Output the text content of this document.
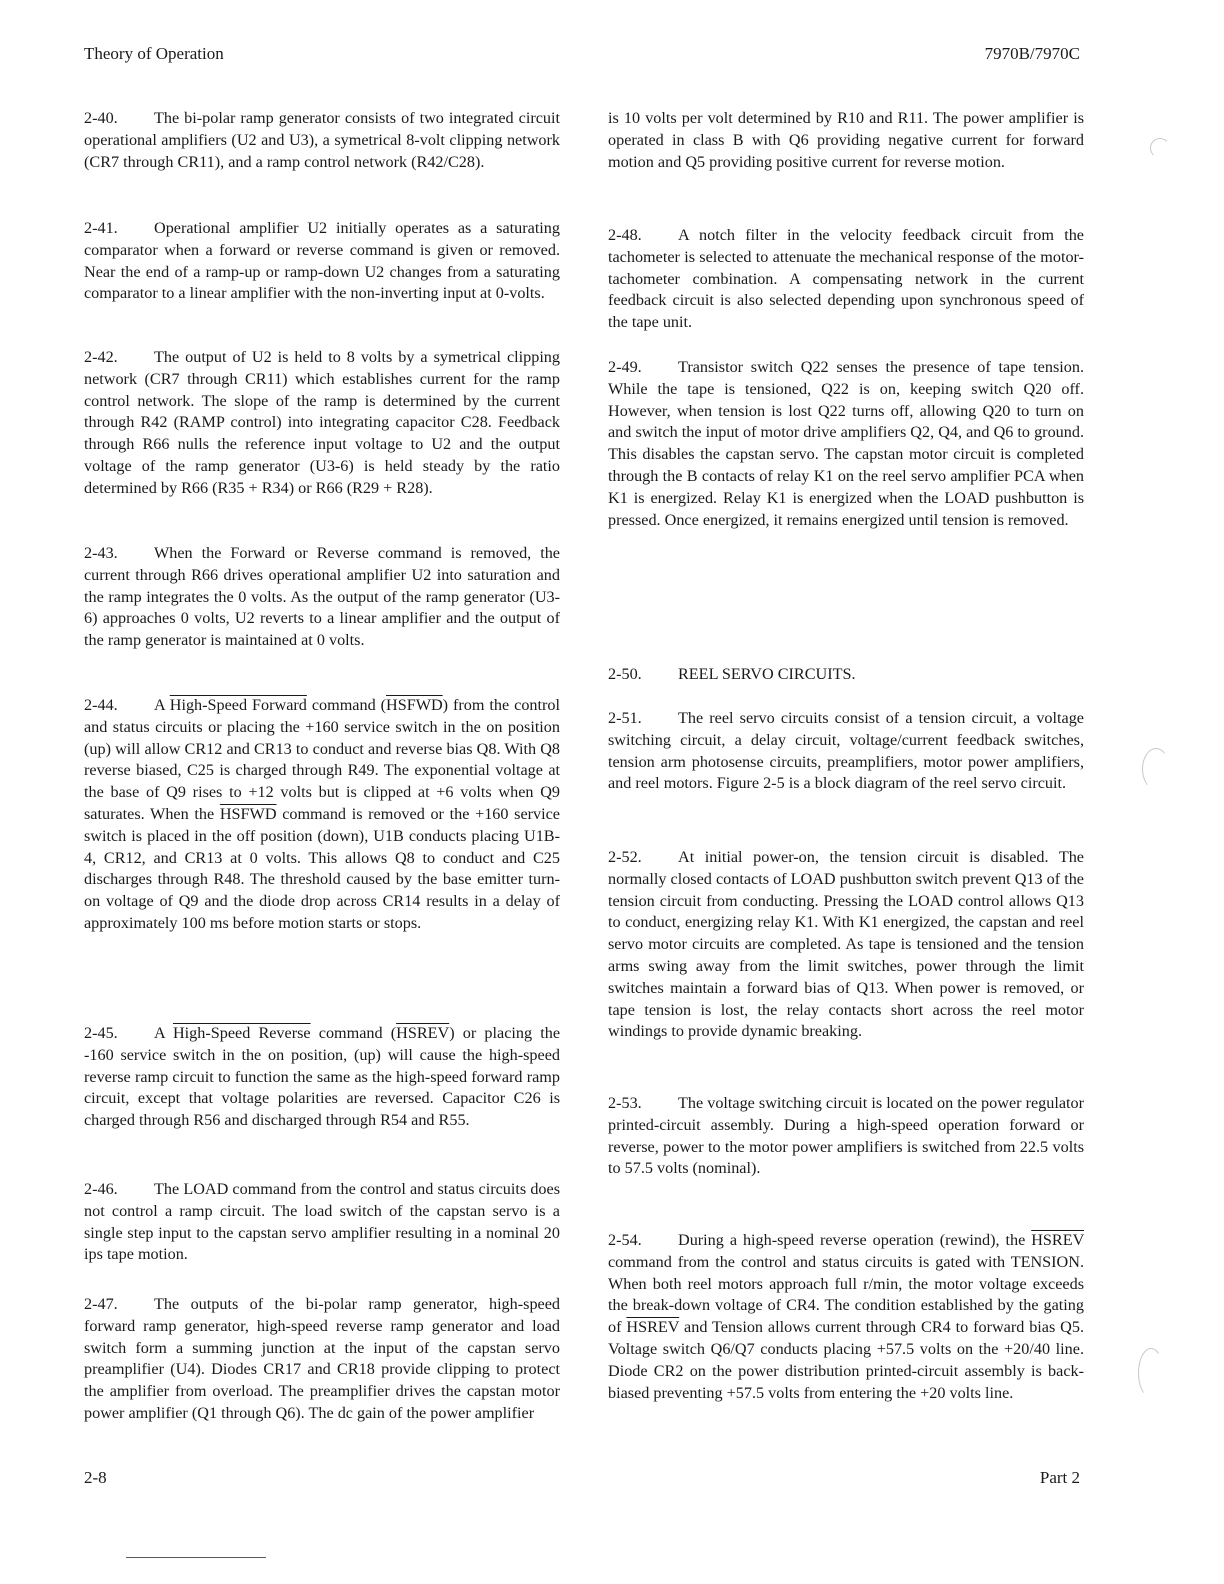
Theory of Operation	7970B/7970C

2-40. The bi-polar ramp generator consists of two integrated circuit operational amplifiers (U2 and U3), a symetrical 8-volt clipping network (CR7 through CR11), and a ramp control network (R42/C28).

2-41. Operational amplifier U2 initially operates as a saturating comparator when a forward or reverse command is given or removed. Near the end of a ramp-up or ramp-down U2 changes from a saturating comparator to a linear amplifier with the non-inverting input at 0-volts.

2-42. The output of U2 is held to 8 volts by a symetrical clipping network (CR7 through CR11) which establishes current for the ramp control network. The slope of the ramp is determined by the current through R42 (RAMP control) into integrating capacitor C28. Feedback through R66 nulls the reference input voltage to U2 and the output voltage of the ramp generator (U3-6) is held steady by the ratio determined by R66 (R35 + R34) or R66 (R29 + R28).

2-43. When the Forward or Reverse command is removed, the current through R66 drives operational amplifier U2 into saturation and the ramp integrates the 0 volts. As the output of the ramp generator (U3-6) approaches 0 volts, U2 reverts to a linear amplifier and the output of the ramp generator is maintained at 0 volts.

2-44. A High-Speed Forward command (HSFWD) from the control and status circuits or placing the +160 service switch in the on position (up) will allow CR12 and CR13 to conduct and reverse bias Q8. With Q8 reverse biased, C25 is charged through R49. The exponential voltage at the base of Q9 rises to +12 volts but is clipped at +6 volts when Q9 saturates. When the HSFWD command is removed or the +160 service switch is placed in the off position (down), U1B conducts placing U1B-4, CR12, and CR13 at 0 volts. This allows Q8 to conduct and C25 discharges through R48. The threshold caused by the base emitter turn-on voltage of Q9 and the diode drop across CR14 results in a delay of approximately 100 ms before motion starts or stops.

2-45. A High-Speed Reverse command (HSREV) or placing the -160 service switch in the on position, (up) will cause the high-speed reverse ramp circuit to function the same as the high-speed forward ramp circuit, except that voltage polarities are reversed. Capacitor C26 is charged through R56 and discharged through R54 and R55.

2-46. The LOAD command from the control and status circuits does not control a ramp circuit. The load switch of the capstan servo is a single step input to the capstan servo amplifier resulting in a nominal 20 ips tape motion.

2-47. The outputs of the bi-polar ramp generator, high-speed forward ramp generator, high-speed reverse ramp generator and load switch form a summing junction at the input of the capstan servo preamplifier (U4). Diodes CR17 and CR18 provide clipping to protect the amplifier from overload. The preamplifier drives the capstan motor power amplifier (Q1 through Q6). The dc gain of the power amplifier

is 10 volts per volt determined by R10 and R11. The power amplifier is operated in class B with Q6 providing negative current for forward motion and Q5 providing positive current for reverse motion.

2-48. A notch filter in the velocity feedback circuit from the tachometer is selected to attenuate the mechanical response of the motor-tachometer combination. A compensating network in the current feedback circuit is also selected depending upon synchronous speed of the tape unit.

2-49. Transistor switch Q22 senses the presence of tape tension. While the tape is tensioned, Q22 is on, keeping switch Q20 off. However, when tension is lost Q22 turns off, allowing Q20 to turn on and switch the input of motor drive amplifiers Q2, Q4, and Q6 to ground. This disables the capstan servo. The capstan motor circuit is completed through the B contacts of relay K1 on the reel servo amplifier PCA when K1 is energized. Relay K1 is energized when the LOAD pushbutton is pressed. Once energized, it remains energized until tension is removed.

2-50. REEL SERVO CIRCUITS.

2-51. The reel servo circuits consist of a tension circuit, a voltage switching circuit, a delay circuit, voltage/current feedback switches, tension arm photosense circuits, preamplifiers, motor power amplifiers, and reel motors. Figure 2-5 is a block diagram of the reel servo circuit.

2-52. At initial power-on, the tension circuit is disabled. The normally closed contacts of LOAD pushbutton switch prevent Q13 of the tension circuit from conducting. Pressing the LOAD control allows Q13 to conduct, energizing relay K1. With K1 energized, the capstan and reel servo motor circuits are completed. As tape is tensioned and the tension arms swing away from the limit switches, power through the limit switches maintain a forward bias of Q13. When power is removed, or tape tension is lost, the relay contacts short across the reel motor windings to provide dynamic breaking.

2-53. The voltage switching circuit is located on the power regulator printed-circuit assembly. During a high-speed operation forward or reverse, power to the motor power amplifiers is switched from 22.5 volts to 57.5 volts (nominal).

2-54. During a high-speed reverse operation (rewind), the HSREV command from the control and status circuits is gated with TENSION. When both reel motors approach full r/min, the motor voltage exceeds the break-down voltage of CR4. The condition established by the gating of HSREV and Tension allows current through CR4 to forward bias Q5. Voltage switch Q6/Q7 conducts placing +57.5 volts on the +20/40 line. Diode CR2 on the power distribution printed-circuit assembly is back-biased preventing +57.5 volts from entering the +20 volts line.

2-8	Part 2
